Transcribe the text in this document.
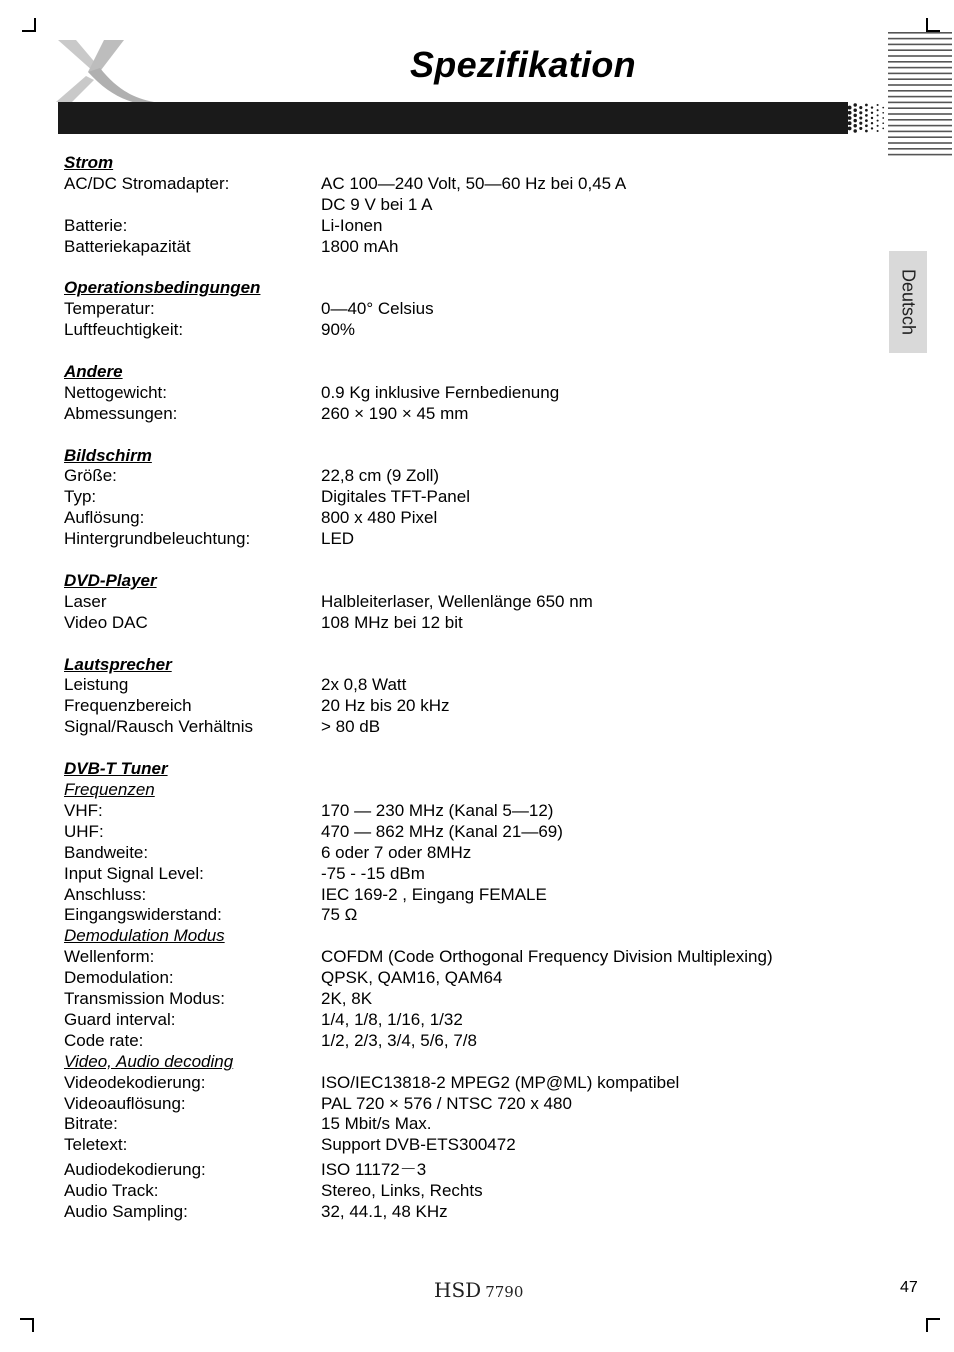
Spezifikation
Deutsch
Strom
AC/DC Stromadapter:	AC 100—240 Volt, 50—60 Hz bei 0,45 A
DC 9 V bei 1 A
Batterie:	Li-Ionen
Batteriekapazität	1800 mAh
Operationsbedingungen
Temperatur:	0—40° Celsius
Luftfeuchtigkeit:	90%
Andere
Nettogewicht:	0.9 Kg inklusive Fernbedienung
Abmessungen:	260 × 190 × 45 mm
Bildschirm
Größe:	22,8 cm (9 Zoll)
Typ:	Digitales TFT-Panel
Auflösung:	800 x 480 Pixel
Hintergrundbeleuchtung:	LED
DVD-Player
Laser	Halbleiterlaser, Wellenlänge 650 nm
Video DAC	108 MHz bei 12 bit
Lautsprecher
Leistung	2x 0,8 Watt
Frequenzbereich	20 Hz bis 20 kHz
Signal/Rausch Verhältnis	> 80 dB
DVB-T Tuner
Frequenzen
VHF:	170 — 230 MHz (Kanal 5—12)
UHF:	470 — 862 MHz (Kanal 21—69)
Bandweite:	6 oder 7 oder 8MHz
Input Signal Level:	-75 - -15 dBm
Anschluss:	IEC 169-2 , Eingang FEMALE
Eingangswiderstand:	75 Ω
Demodulation Modus
Wellenform:	COFDM (Code Orthogonal Frequency Division Multiplexing)
Demodulation:	QPSK, QAM16, QAM64
Transmission Modus:	2K, 8K
Guard interval:	1/4, 1/8, 1/16, 1/32
Code rate:	1/2, 2/3, 3/4, 5/6, 7/8
Video, Audio decoding
Videodekodierung:	ISO/IEC13818-2 MPEG2 (MP@ML) kompatibel
Videoauflösung:	PAL 720 × 576 / NTSC 720 x 480
Bitrate:	15 Mbit/s Max.
Teletext:	Support DVB-ETS300472
Audiodekodierung:	ISO 11172－3
Audio Track:	Stereo, Links, Rechts
Audio Sampling:	32, 44.1, 48 KHz
HSD 7790	47
